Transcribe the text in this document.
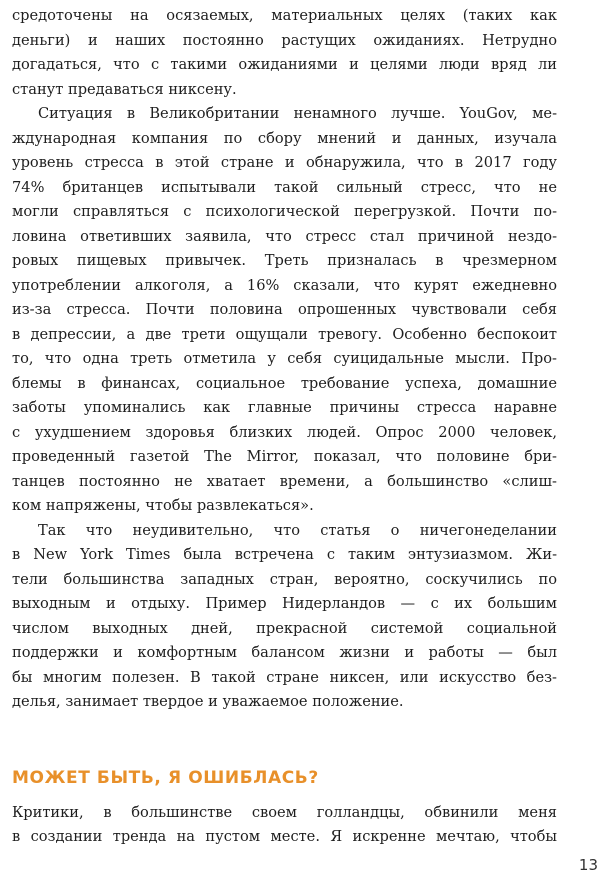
средоточены на осязаемых, материальных целях (таких как
деньги) и наших постоянно растущих ожиданиях. Нетрудно
догадаться, что с такими ожиданиями и целями люди вряд ли
станут предаваться никсену.
Ситуация в Великобритании ненамного лучше. YouGov, ме-
ждународная компания по сбору мнений и данных, изучала
уровень стресса в этой стране и обнаружила, что в 2017 году
74% британцев испытывали такой сильный стресс, что не
могли справляться с психологической перегрузкой. Почти по-
ловина ответивших заявила, что стресс стал причиной нездо-
ровых пищевых привычек. Треть призналась в чрезмерном
употреблении алкоголя, а 16% сказали, что курят ежедневно
из-за стресса. Почти половина опрошенных чувствовали себя
в депрессии, а две трети ощущали тревогу. Особенно беспокоит
то, что одна треть отметила у себя суицидальные мысли. Про-
блемы в финансах, социальное требование успеха, домашние
заботы упоминались как главные причины стресса наравне
с ухудшением здоровья близких людей. Опрос 2000 человек,
проведенный газетой The Mirror, показал, что половине бри-
танцев постоянно не хватает времени, а большинство «слиш-
ком напряжены, чтобы развлекаться».
Так что неудивительно, что статья о ничегонеделании
в New York Times была встречена с таким энтузиазмом. Жи-
тели большинства западных стран, вероятно, соскучились по
выходным и отдыху. Пример Нидерландов — с их большим
числом выходных дней, прекрасной системой социальной
поддержки и комфортным балансом жизни и работы — был
бы многим полезен. В такой стране никсен, или искусство без-
делья, занимает твердое и уважаемое положение.
МОЖЕТ БЫТЬ, Я ОШИБЛАСЬ?
Критики, в большинстве своем голландцы, обвинили меня
в создании тренда на пустом месте. Я искренне мечтаю, чтобы
13
